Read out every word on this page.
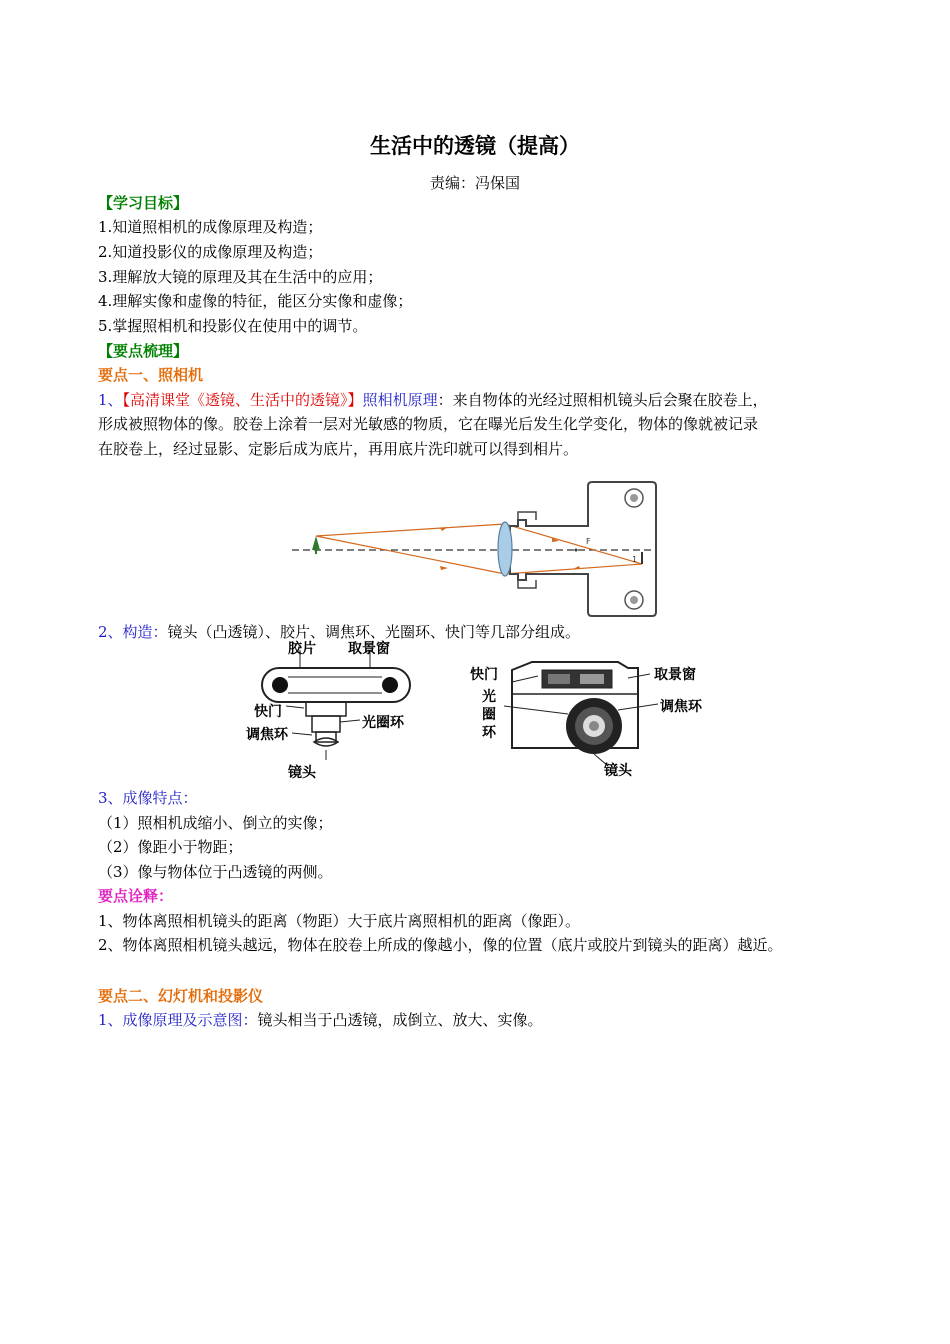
生活中的透镜（提高）
责编：冯保国
【学习目标】
1.知道照相机的成像原理及构造；
2.知道投影仪的成像原理及构造；
3.理解放大镜的原理及其在生活中的应用；
4.理解实像和虚像的特征，能区分实像和虚像；
5.掌握照相机和投影仪在使用中的调节。
【要点梳理】
要点一、照相机
1、【高清课堂《透镜、生活中的透镜》】照相机原理：来自物体的光经过照相机镜头后会聚在胶卷上，
形成被照物体的像。胶卷上涂着一层对光敏感的物质，它在曝光后发生化学变化，物体的像就被记录
在胶卷上，经过显影、定影后成为底片，再用底片洗印就可以得到相片。
F
1
2、构造：镜头（凸透镜）、胶片、调焦环、光圈环、快门等几部分组成。
胶片 取景窗
快门
光圈环
调焦环
镜头
快门	取景窗
光
圈
环
调焦环
镜头
3、成像特点：
（1）照相机成缩小、倒立的实像；
（2）像距小于物距；
（3）像与物体位于凸透镜的两侧。
要点诠释：
1、物体离照相机镜头的距离（物距）大于底片离照相机的距离（像距）。
2、物体离照相机镜头越远，物体在胶卷上所成的像越小，像的位置（底片或胶片到镜头的距离）越近。
要点二、幻灯机和投影仪
1、成像原理及示意图：镜头相当于凸透镜，成倒立、放大、实像。
